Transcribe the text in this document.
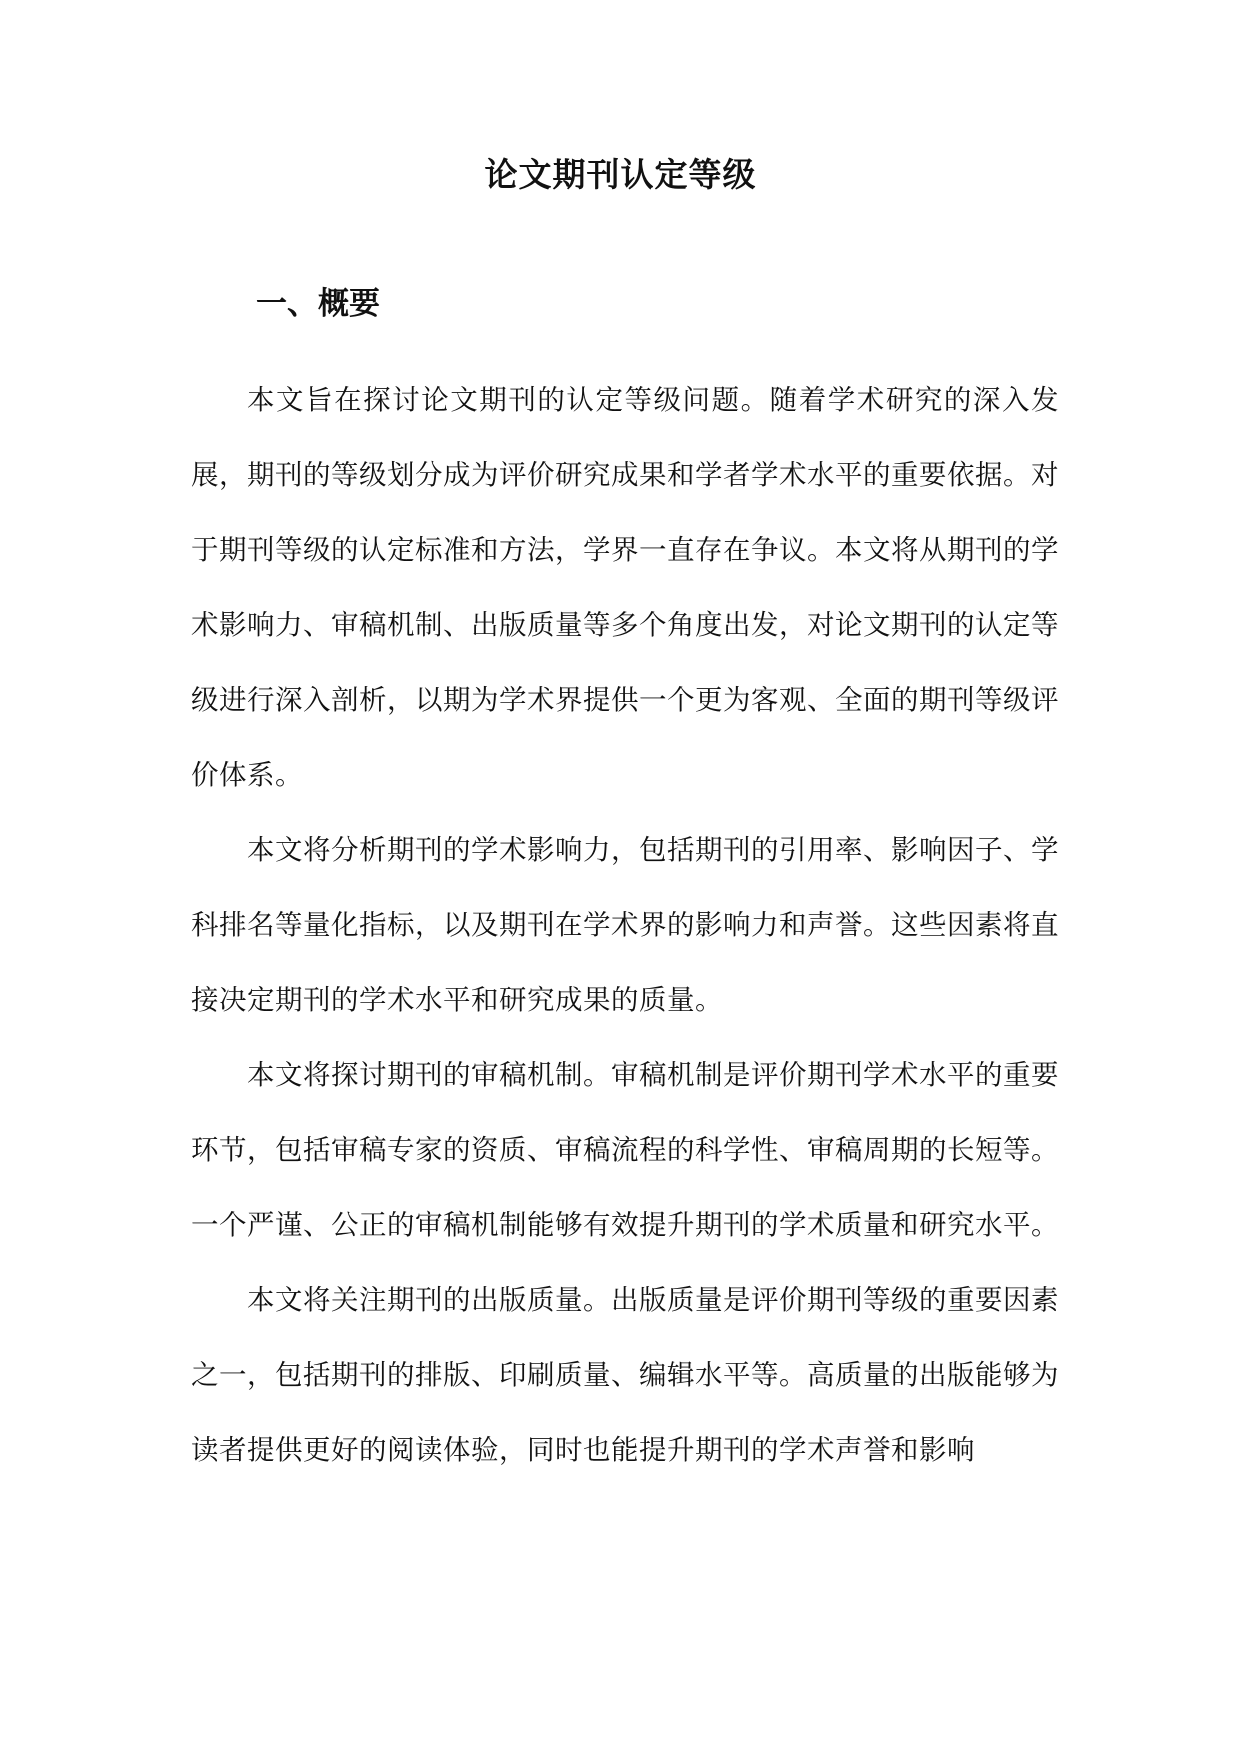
论文期刊认定等级
一、概要

本文旨在探讨论文期刊的认定等级问题。随着学术研究的深入发展，期刊的等级划分成为评价研究成果和学者学术水平的重要依据。对于期刊等级的认定标准和方法，学界一直存在争议。本文将从期刊的学术影响力、审稿机制、出版质量等多个角度出发，对论文期刊的认定等级进行深入剖析，以期为学术界提供一个更为客观、全面的期刊等级评价体系。

本文将分析期刊的学术影响力，包括期刊的引用率、影响因子、学科排名等量化指标，以及期刊在学术界的影响力和声誉。这些因素将直接决定期刊的学术水平和研究成果的质量。

本文将探讨期刊的审稿机制。审稿机制是评价期刊学术水平的重要环节，包括审稿专家的资质、审稿流程的科学性、审稿周期的长短等。一个严谨、公正的审稿机制能够有效提升期刊的学术质量和研究水平。

本文将关注期刊的出版质量。出版质量是评价期刊等级的重要因素之一，包括期刊的排版、印刷质量、编辑水平等。高质量的出版能够为读者提供更好的阅读体验，同时也能提升期刊的学术声誉和影响
